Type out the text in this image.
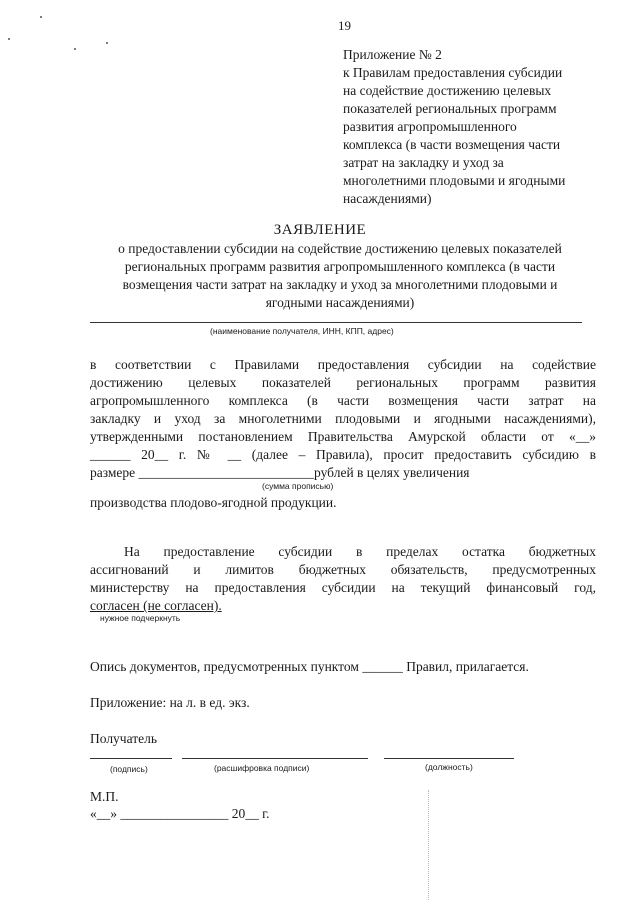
19
Приложение № 2
к Правилам предоставления субсидии
на содействие достижению целевых
показателей региональных программ
развития агропромышленного
комплекса (в части возмещения части
затрат на закладку и уход за
многолетними плодовыми и ягодными
насаждениями)
ЗАЯВЛЕНИЕ
о предоставлении субсидии на содействие достижению целевых показателей
региональных программ развития агропромышленного комплекса (в части
возмещения части затрат на закладку и уход за многолетними плодовыми и
ягодными насаждениями)
(наименование получателя, ИНН, КПП, адрес)
в соответствии с Правилами предоставления субсидии на содействие
достижению целевых показателей региональных программ развития
агропромышленного комплекса (в части возмещения части затрат на
закладку и уход за многолетними плодовыми и ягодными насаждениями),
утвержденными постановлением Правительства Амурской области от «__»
______ 20__ г. № __ (далее – Правила), просит предоставить субсидию в
размере __________________________рублей в целях увеличения
(сумма прописью)
производства плодово-ягодной продукции.
На предоставление субсидии в пределах остатка бюджетных
ассигнований и лимитов бюджетных обязательств, предусмотренных
министерству на предоставления субсидии на текущий финансовый год,
согласен (не согласен).
нужное подчеркнуть
Опись документов, предусмотренных пунктом ______ Правил, прилагается.
Приложение: на л. в ед. экз.
Получатель
(подпись)	(расшифровка подписи)	(должность)
М.П.
«__» ________________ 20__ г.
